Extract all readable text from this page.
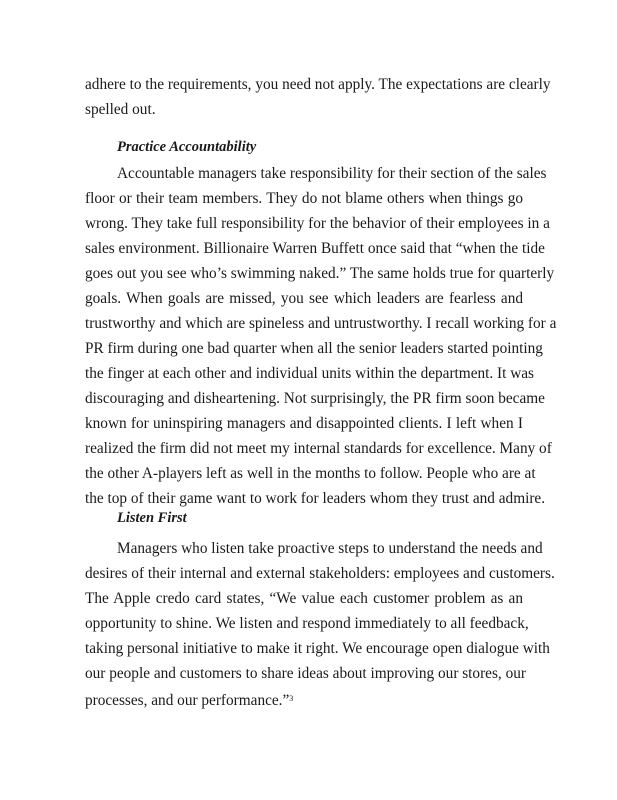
adhere to the requirements, you need not apply. The expectations are clearly
spelled out.
Practice Accountability
Accountable managers take responsibility for their section of the sales
floor or their team members. They do not blame others when things go
wrong. They take full responsibility for the behavior of their employees in a
sales environment. Billionaire Warren Buffett once said that “when the tide
goes out you see who’s swimming naked.” The same holds true for quarterly
goals. When goals are missed, you see which leaders are fearless and
trustworthy and which are spineless and untrustworthy. I recall working for a
PR firm during one bad quarter when all the senior leaders started pointing
the finger at each other and individual units within the department. It was
discouraging and disheartening. Not surprisingly, the PR firm soon became
known for uninspiring managers and disappointed clients. I left when I
realized the firm did not meet my internal standards for excellence. Many of
the other A-players left as well in the months to follow. People who are at
the top of their game want to work for leaders whom they trust and admire.
Listen First
Managers who listen take proactive steps to understand the needs and
desires of their internal and external stakeholders: employees and customers.
The Apple credo card states, “We value each customer problem as an
opportunity to shine. We listen and respond immediately to all feedback,
taking personal initiative to make it right. We encourage open dialogue with
our people and customers to share ideas about improving our stores, our
processes, and our performance.”$^3$
